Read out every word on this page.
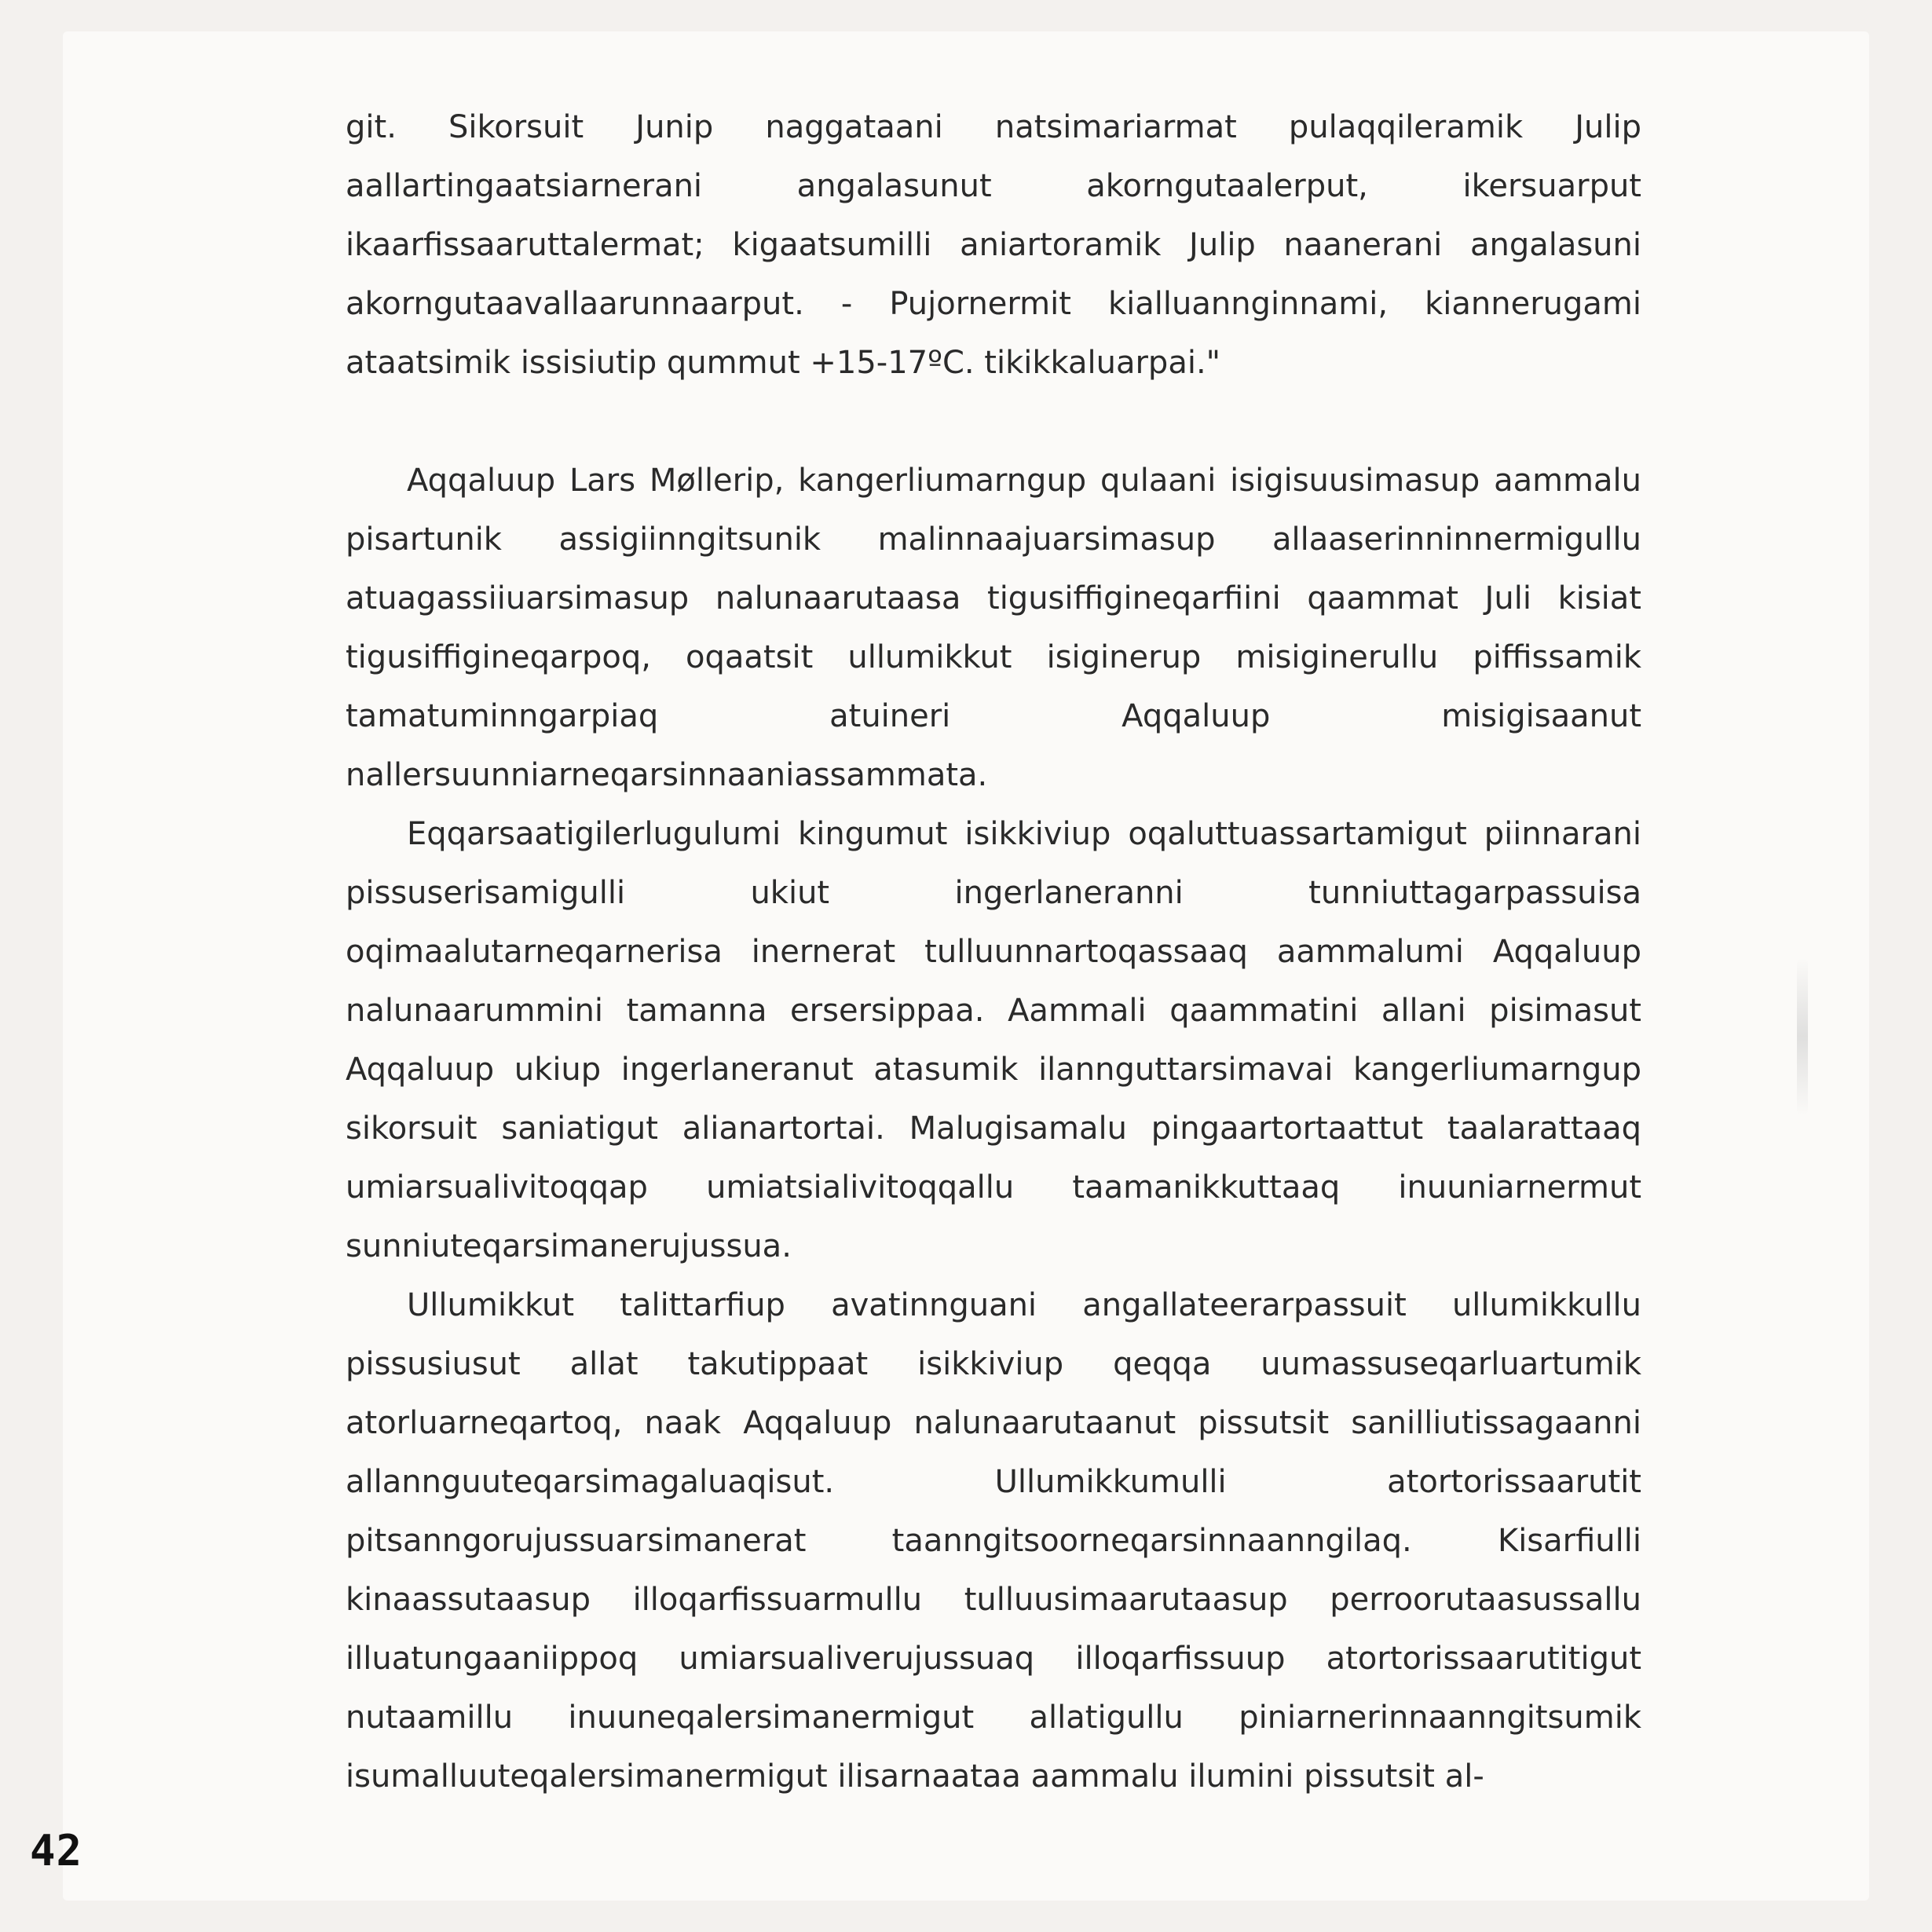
git. Sikorsuit Junip naggataani natsimariarmat pulaqqileramik Julip aallartingaatsiarnerani angalasunut akorngutaalerput, ikersuarput ikaarfissaaruttalermat; kigaatsumilli aniartoramik Julip naanerani angalasuni akorngutaavallaarunnaarput. - Pujornermit kialluannginnami, kiannerugami ataatsimik issisiutip qummut +15-17ºC. tikikkaluarpai."

Aqqaluup Lars Møllerip, kangerliumarngup qulaani isigisuusimasup aammalu pisartunik assigiinngitsunik malinnaajuarsimasup allaaserinninnermigullu atuagassiiuarsimasup nalunaarutaasa tigusiffigineqarfiini qaammat Juli kisiat tigusiffigineqarpoq, oqaatsit ullumikkut isiginerup misiginerullu piffissamik tamatuminngarpiaq atuineri Aqqaluup misigisaanut nallersuunniarneqarsinnaaniassammata.

Eqqarsaatigilerlugulumi kingumut isikkiviup oqaluttuassartamigut piinnarani pissuserisamigulli ukiut ingerlaneranni tunniuttagarpassuisa oqimaalutarneqarnerisa inernerat tulluunnartoqassaaq aammalumi Aqqaluup nalunaarummini tamanna ersersippaa. Aammali qaammatini allani pisimasut Aqqaluup ukiup ingerlaneranut atasumik ilannguttarsimavai kangerliumarngup sikorsuit saniatigut alianartortai. Malugisamalu pingaartortaattut taalarattaaq umiarsualivitoqqap umiatsialivitoqqallu taamanikkuttaaq inuuniarnermut sunniuteqarsimanerujussua.

Ullumikkut talittarfiup avatinnguani angallateerarpassuit ullumikkullu pissusiusut allat takutippaat isikkiviup qeqqa uumassuseqarluartumik atorluarneqartoq, naak Aqqaluup nalunaarutaanut pissutsit sanilliutissagaanni allannguuteqarsimagaluaqisut. Ullumikkumulli atortorissaarutit pitsanngorujussuarsimanerat taanngitsoorneqarsinnaanngilaq. Kisarfiulli kinaassutaasup illoqarfissuarmullu tulluusimaarutaasup perroorutaasussallu illuatungaaniippoq umiarsualiverujussuaq illoqarfissuup atortorissaarutitigut nutaamillu inuuneqalersimanermigut allatigullu piniarnerinnaanngitsumik isumalluuteqalersimanermigut ilisarnaataa aammalu ilumini pissutsit al-

42
